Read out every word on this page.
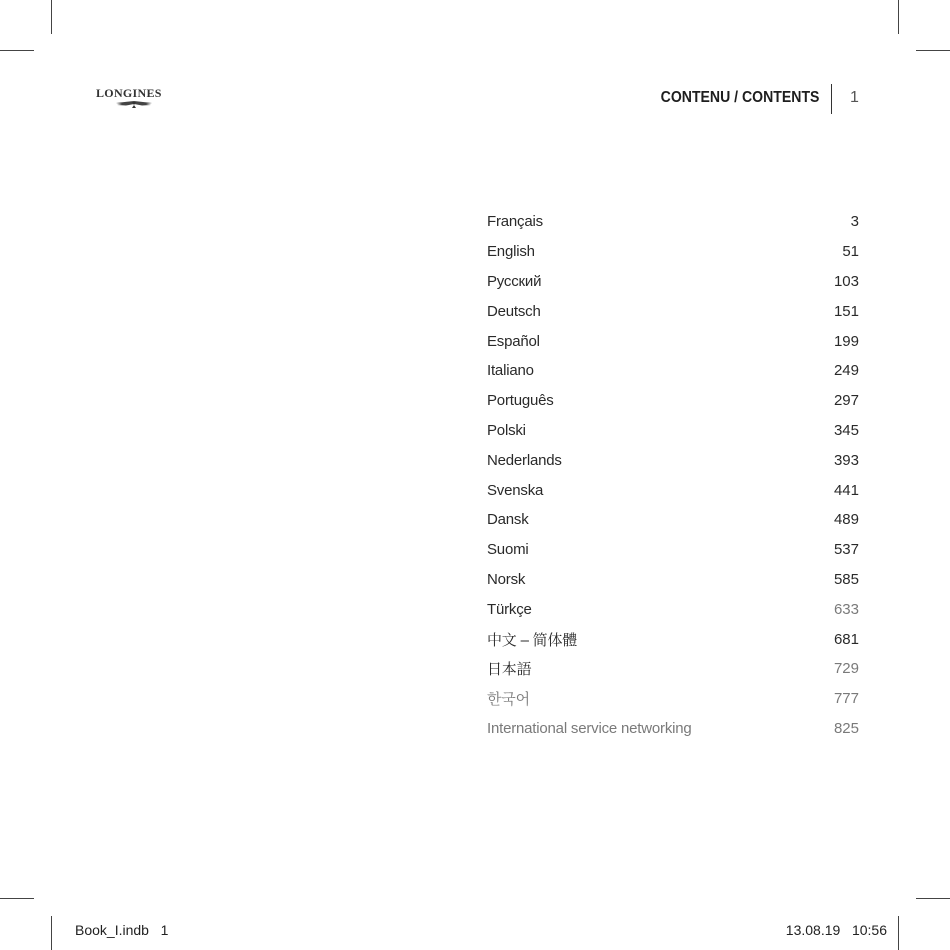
LONGINES	CONTENU / CONTENTS 1
Français	3
English	51
Русский	103
Deutsch	151
Español	199
Italiano	249
Português	297
Polski	345
Nederlands	393
Svenska	441
Dansk	489
Suomi	537
Norsk	585
Türkçe	633
中文 – 简体體	681
日本語	729
한국어	777
International service networking	825
Book_I.indb   1	13.08.19   10:56
